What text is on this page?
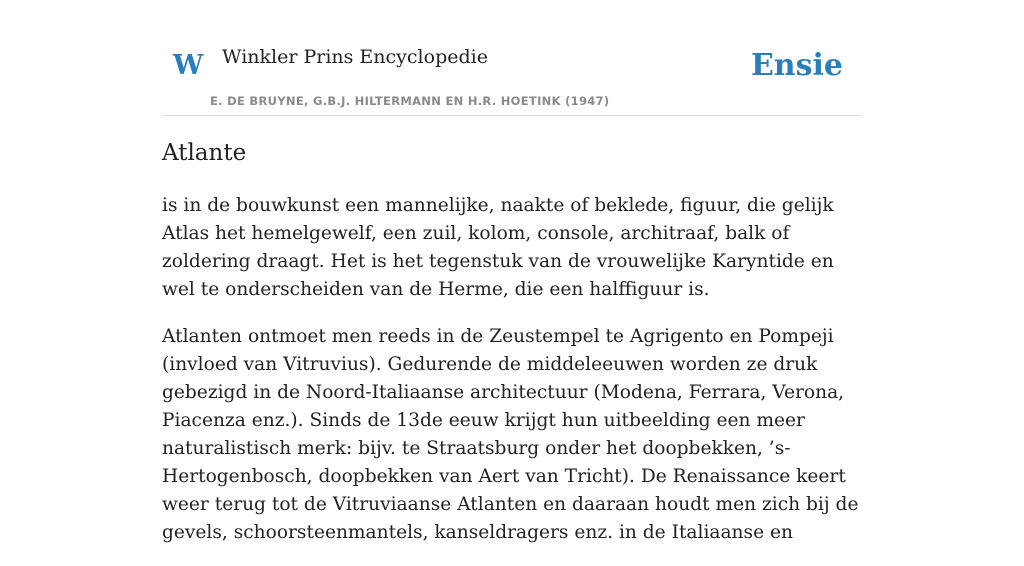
W Winkler Prins Encyclopedie
E. DE BRUYNE, G.B.J. HILTERMANN EN H.R. HOETINK (1947)
Ensie
Atlante

is in de bouwkunst een mannelijke, naakte of beklede, figuur, die gelijk Atlas het hemelgewelf, een zuil, kolom, console, architraaf, balk of zoldering draagt. Het is het tegenstuk van de vrouwelijke Karyntide en wel te onderscheiden van de Herme, die een halffiguur is.

Atlanten ontmoet men reeds in de Zeustempel te Agrigento en Pompeji (invloed van Vitruvius). Gedurende de middeleeuwen worden ze druk gebezigd in de Noord-Italiaanse architectuur (Modena, Ferrara, Verona, Piacenza enz.). Sinds de 13de eeuw krijgt hun uitbeelding een meer naturalistisch merk: bijv. te Straatsburg onder het doopbekken, ’s-Hertogenbosch, doopbekken van Aert van Tricht). De Renaissance keert weer terug tot de Vitruviaanse Atlanten en daaraan houdt men zich bij de gevels, schoorsteenmantels, kanseldragers enz. in de Italiaanse en
